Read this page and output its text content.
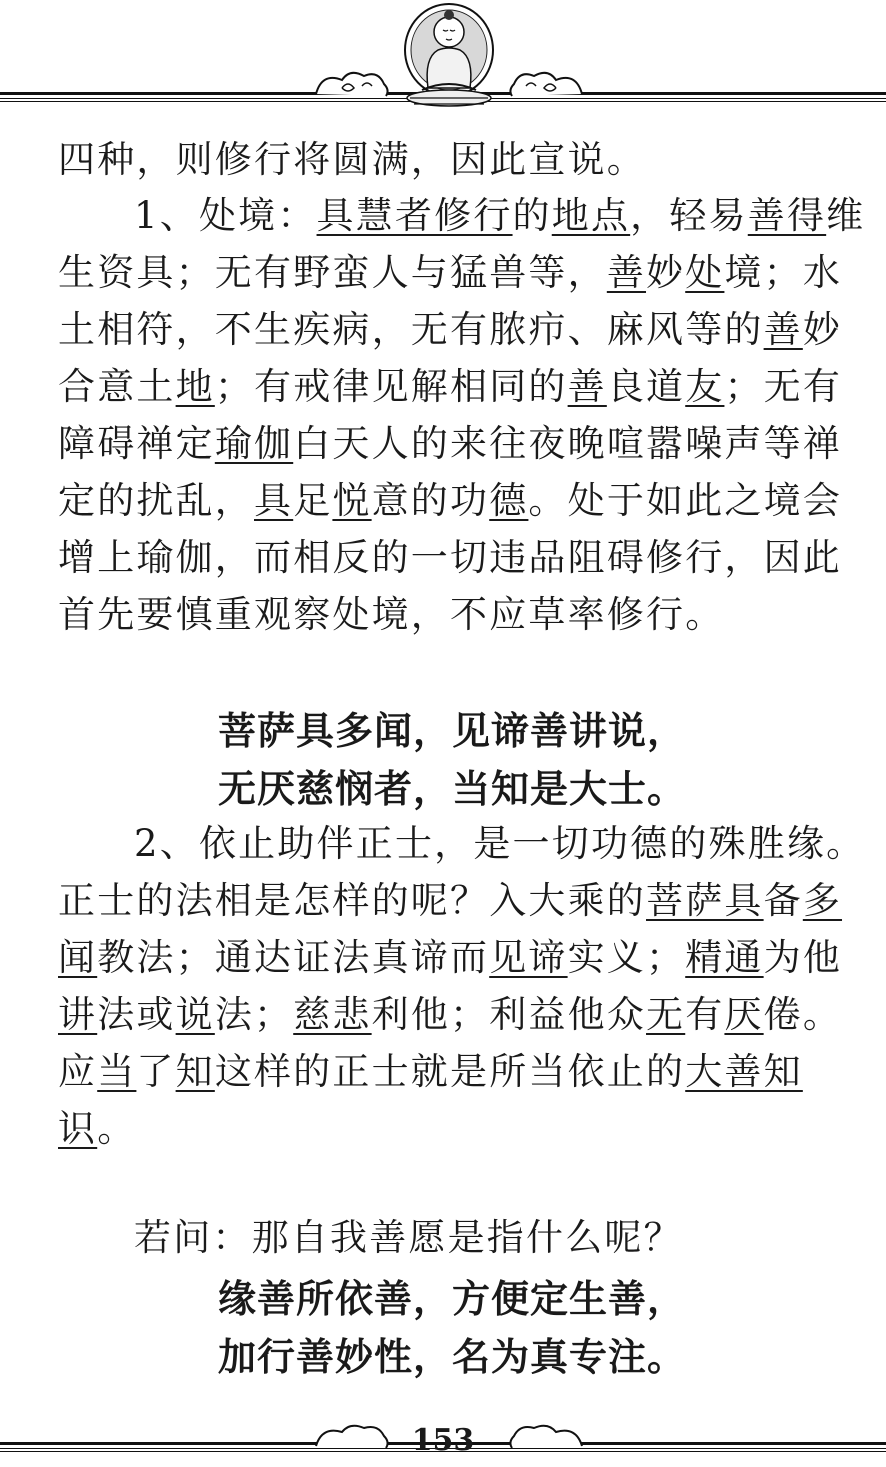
四种，则修行将圆满，因此宣说。
1、处境：具慧者修行的地点，轻易善得维
生资具；无有野蛮人与猛兽等，善妙处境；水
土相符，不生疾病，无有脓疖、麻风等的善妙
合意土地；有戒律见解相同的善良道友；无有
障碍禅定瑜伽白天人的来往夜晚喧嚣噪声等禅
定的扰乱，具足悦意的功德。处于如此之境会
增上瑜伽，而相反的一切违品阻碍修行，因此
首先要慎重观察处境，不应草率修行。
菩萨具多闻，见谛善讲说，
无厌慈悯者，当知是大士。
2、依止助伴正士，是一切功德的殊胜缘。
正士的法相是怎样的呢？入大乘的菩萨具备多
闻教法；通达证法真谛而见谛实义；精通为他
讲法或说法；慈悲利他；利益他众无有厌倦。
应当了知这样的正士就是所当依止的大善知
识。
若问：那自我善愿是指什么呢？
缘善所依善，方便定生善，
加行善妙性，名为真专注。
153
